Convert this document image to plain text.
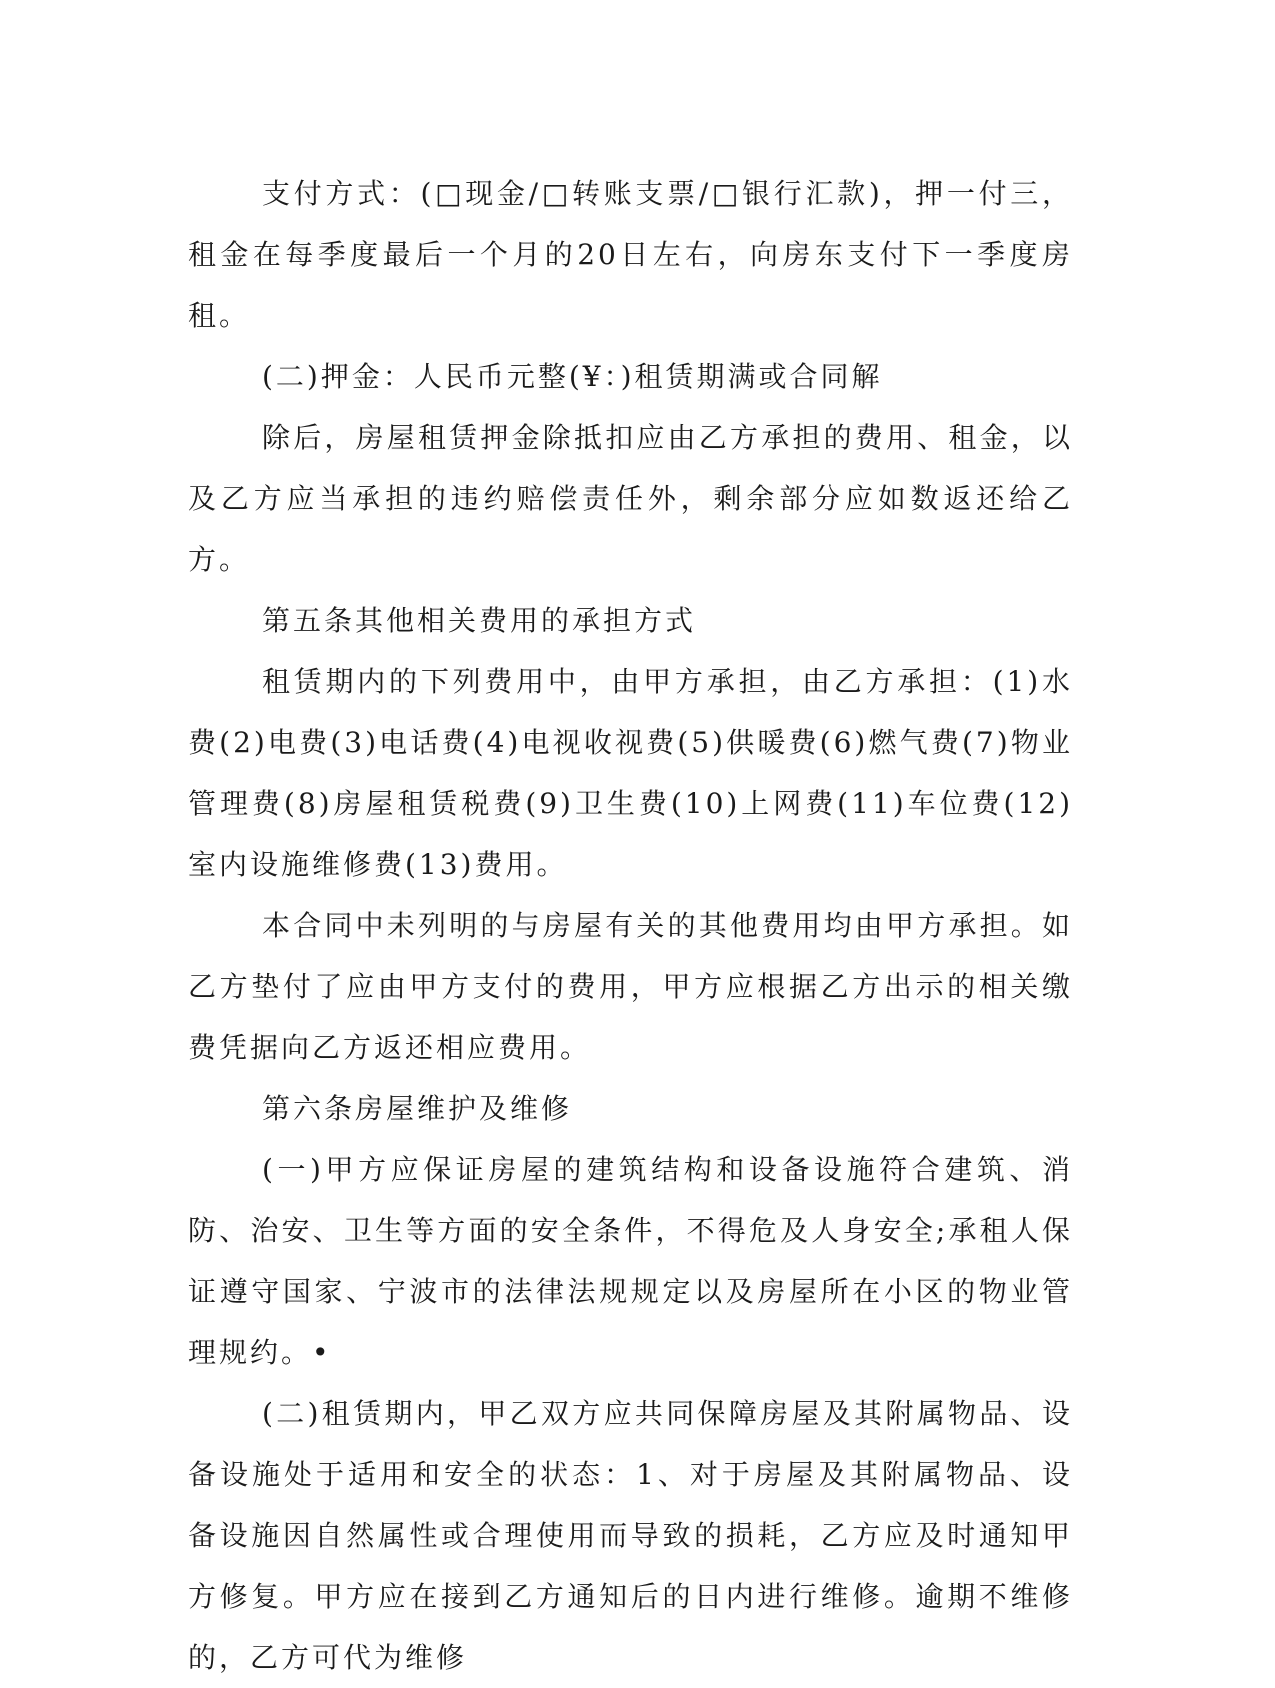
支付方式：(□现金/□转账支票/□银行汇款)，押一付三，租金在每季度最后一个月的20日左右，向房东支付下一季度房租。

(二)押金：人民币元整(¥：)租赁期满或合同解

除后，房屋租赁押金除抵扣应由乙方承担的费用、租金，以及乙方应当承担的违约赔偿责任外，剩余部分应如数返还给乙方。

第五条其他相关费用的承担方式

租赁期内的下列费用中，由甲方承担，由乙方承担：(1)水费(2)电费(3)电话费(4)电视收视费(5)供暖费(6)燃气费(7)物业管理费(8)房屋租赁税费(9)卫生费(10)上网费(11)车位费(12)室内设施维修费(13)费用。

本合同中未列明的与房屋有关的其他费用均由甲方承担。如乙方垫付了应由甲方支付的费用，甲方应根据乙方出示的相关缴费凭据向乙方返还相应费用。

第六条房屋维护及维修

(一)甲方应保证房屋的建筑结构和设备设施符合建筑、消防、治安、卫生等方面的安全条件，不得危及人身安全;承租人保证遵守国家、宁波市的法律法规规定以及房屋所在小区的物业管理规约。•

(二)租赁期内，甲乙双方应共同保障房屋及其附属物品、设备设施处于适用和安全的状态：1、对于房屋及其附属物品、设备设施因自然属性或合理使用而导致的损耗，乙方应及时通知甲方修复。甲方应在接到乙方通知后的日内进行维修。逾期不维修的，乙方可代为维修
